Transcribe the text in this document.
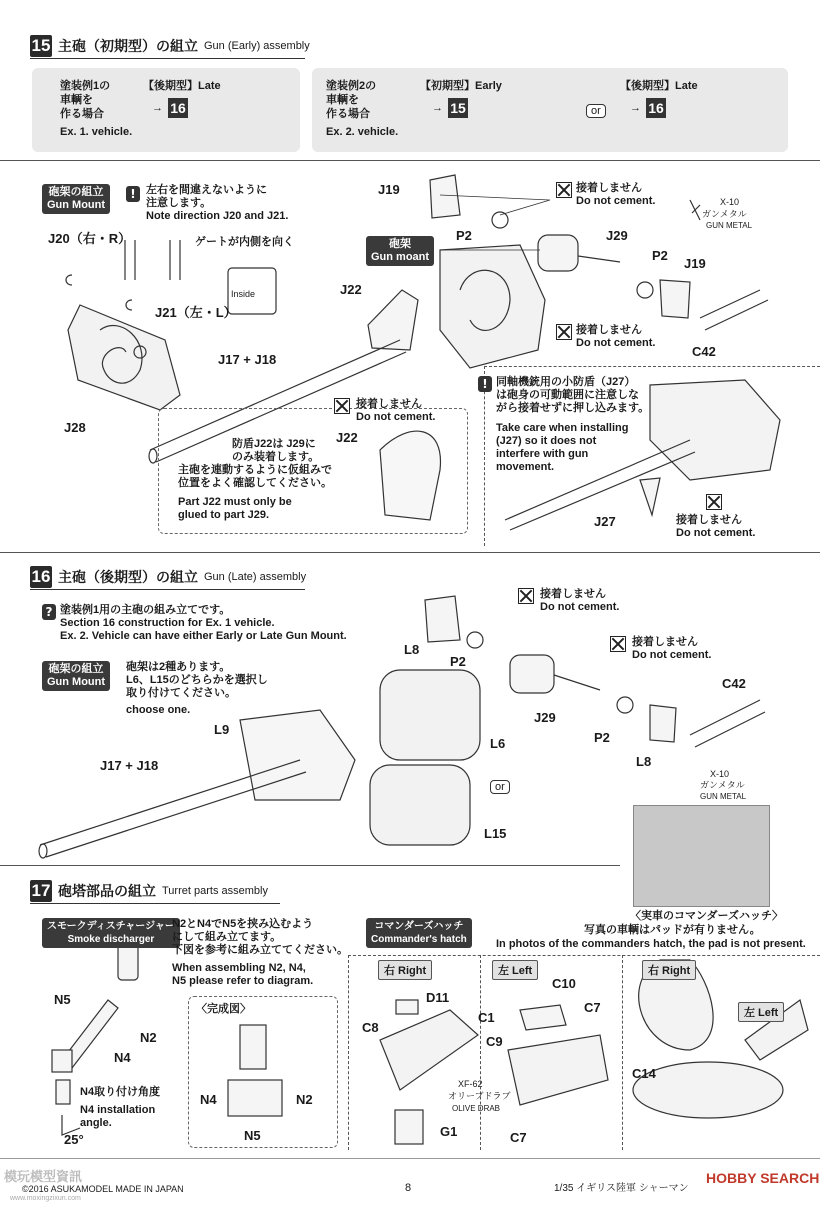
15 主砲（初期型）の組立 Gun (Early) assembly
塗装例1の
車輌を
作る場合
Ex. 1. vehicle.
【後期型】Late
→ 16
塗装例2の
車輌を
作る場合
Ex. 2. vehicle.
【初期型】Early
→ 15	or
【後期型】Late
→ 16
砲架の組立
Gun Mount
! 左右を間違えないように
注意します。
Note direction J20 and J21.
J20（右・R）	ゲートが内側を向く
Inside
J21（左・L）
J28
J19
P2
接着しません
Do not cement.
J29
P2
J19
X-10
ガンメタル
GUN METAL
砲架
Gun moant
J22
接着しません
Do not cement.
C42
J17 + J18
接着しません
Do not cement.
J22
防盾J22は J29に
のみ装着します。
主砲を連動するように仮組みで
位置をよく確認してください。
Part J22 must only be
glued to part J29.
! 同軸機銃用の小防盾（J27）
は砲身の可動範囲に注意しな
がら接着せずに押し込みます。
Take care when installing
(J27) so it does not
interfere with gun
movement.
接着しません
Do not cement.
J27
16 主砲（後期型）の組立 Gun (Late) assembly
? 塗装例1用の主砲の組み立てです。
Section 16 construction for Ex. 1 vehicle.
Ex. 2. Vehicle can have either Early or Late Gun Mount.
砲架の組立
Gun Mount
砲架は2種あります。
L6、L15のどちらかを選択し
取り付けてください。
choose one.
L8
P2
接着しません
Do not cement.
接着しません
Do not cement.
C42
J29
P2
L8
X-10
ガンメタル
GUN METAL
L9
L6
or
L15
J17 + J18
17 砲塔部品の組立 Turret parts assembly
スモークディスチャージャー
Smoke discharger
N2とN4でN5を挟み込むよう
にして組み立てます。
下図を参考に組み立ててください。
When assembling N2, N4,
N5 please refer to diagram.
N5
N2
N4
N4取り付け角度
N4 installation
angle.
25°
〈完成図〉
N4	N2
N5
コマンダーズハッチ
Commander's hatch
〈実車のコマンダーズハッチ〉
写真の車輌はパッドが有りません。
In photos of the commanders hatch, the pad is not present.
右 Right	左 Left	右 Right
左 Left
D11
C8
XF-62
オリーブドラブ
OLIVE DRAB
G1
C10
C1
C7
C9
C7
C14
模玩模型資訊
©2016 ASUKAMODEL MADE IN JAPAN
www.moxingzixun.com
8	1/35 イギリス陸軍 シャーマン
HOBBY SEARCH
